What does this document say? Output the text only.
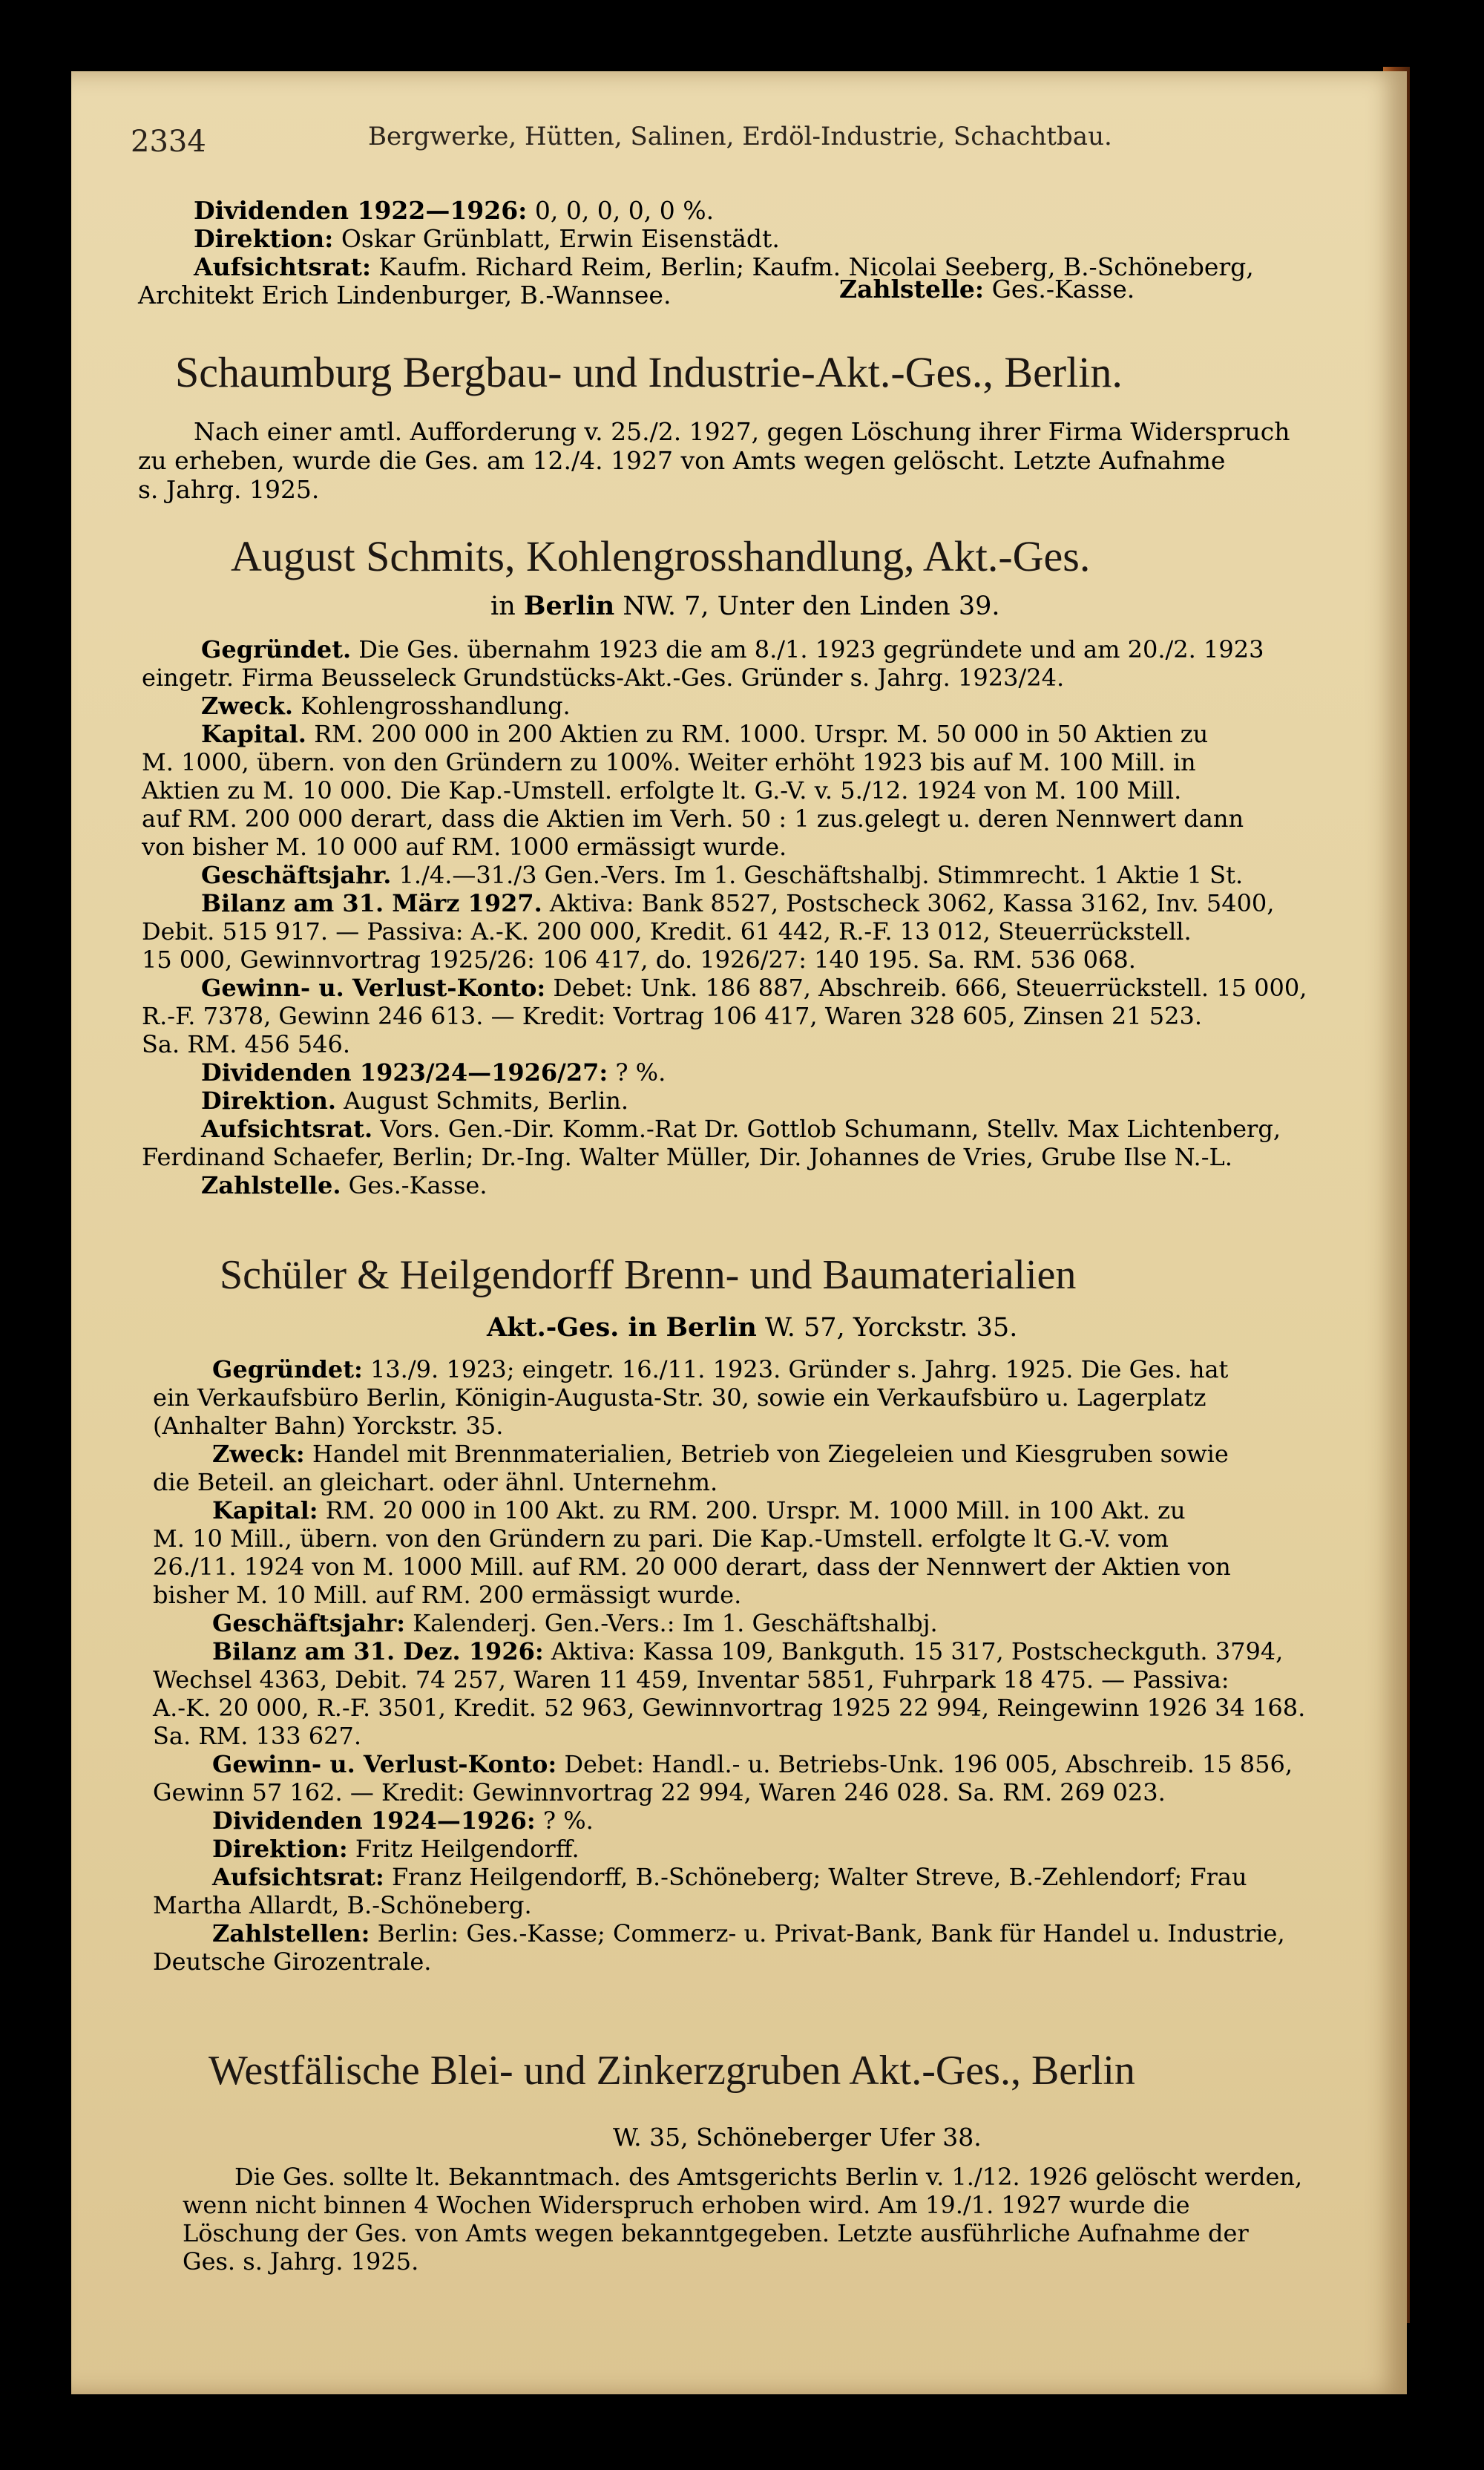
2334	Bergwerke, Hütten, Salinen, Erdöl-Industrie, Schachtbau.
Dividenden 1922—1926: 0, 0, 0, 0, 0 %.
Direktion: Oskar Grünblatt, Erwin Eisenstädt.
Aufsichtsrat: Kaufm. Richard Reim, Berlin; Kaufm. Nicolai Seeberg, B.-Schöneberg,
Architekt Erich Lindenburger, B.-Wannsee.	Zahlstelle: Ges.-Kasse.
Schaumburg Bergbau- und Industrie-Akt.-Ges., Berlin.
Nach einer amtl. Aufforderung v. 25./2. 1927, gegen Löschung ihrer Firma Widerspruch
zu erheben, wurde die Ges. am 12./4. 1927 von Amts wegen gelöscht. Letzte Aufnahme
s. Jahrg. 1925.
August Schmits, Kohlengrosshandlung, Akt.-Ges.
in Berlin NW. 7, Unter den Linden 39.
Gegründet. Die Ges. übernahm 1923 die am 8./1. 1923 gegründete und am 20./2. 1923
eingetr. Firma Beusseleck Grundstücks-Akt.-Ges. Gründer s. Jahrg. 1923/24.
Zweck. Kohlengrosshandlung.
Kapital. RM. 200 000 in 200 Aktien zu RM. 1000. Urspr. M. 50 000 in 50 Aktien zu
M. 1000, übern. von den Gründern zu 100%. Weiter erhöht 1923 bis auf M. 100 Mill. in
Aktien zu M. 10 000. Die Kap.-Umstell. erfolgte lt. G.-V. v. 5./12. 1924 von M. 100 Mill.
auf RM. 200 000 derart, dass die Aktien im Verh. 50 : 1 zus.gelegt u. deren Nennwert dann
von bisher M. 10 000 auf RM. 1000 ermässigt wurde.
Geschäftsjahr. 1./4.—31./3 Gen.-Vers. Im 1. Geschäftshalbj. Stimmrecht. 1 Aktie 1 St.
Bilanz am 31. März 1927. Aktiva: Bank 8527, Postscheck 3062, Kassa 3162, Inv. 5400,
Debit. 515 917. — Passiva: A.-K. 200 000, Kredit. 61 442, R.-F. 13 012, Steuerrückstell.
15 000, Gewinnvortrag 1925/26: 106 417, do. 1926/27: 140 195. Sa. RM. 536 068.
Gewinn- u. Verlust-Konto: Debet: Unk. 186 887, Abschreib. 666, Steuerrückstell. 15 000,
R.-F. 7378, Gewinn 246 613. — Kredit: Vortrag 106 417, Waren 328 605, Zinsen 21 523.
Sa. RM. 456 546.
Dividenden 1923/24—1926/27: ? %.
Direktion. August Schmits, Berlin.
Aufsichtsrat. Vors. Gen.-Dir. Komm.-Rat Dr. Gottlob Schumann, Stellv. Max Lichtenberg,
Ferdinand Schaefer, Berlin; Dr.-Ing. Walter Müller, Dir. Johannes de Vries, Grube Ilse N.-L.
Zahlstelle. Ges.-Kasse.
Schüler & Heilgendorff Brenn- und Baumaterialien
Akt.-Ges. in Berlin W. 57, Yorckstr. 35.
Gegründet: 13./9. 1923; eingetr. 16./11. 1923. Gründer s. Jahrg. 1925. Die Ges. hat
ein Verkaufsbüro Berlin, Königin-Augusta-Str. 30, sowie ein Verkaufsbüro u. Lagerplatz
(Anhalter Bahn) Yorckstr. 35.
Zweck: Handel mit Brennmaterialien, Betrieb von Ziegeleien und Kiesgruben sowie
die Beteil. an gleichart. oder ähnl. Unternehm.
Kapital: RM. 20 000 in 100 Akt. zu RM. 200. Urspr. M. 1000 Mill. in 100 Akt. zu
M. 10 Mill., übern. von den Gründern zu pari. Die Kap.-Umstell. erfolgte lt G.-V. vom
26./11. 1924 von M. 1000 Mill. auf RM. 20 000 derart, dass der Nennwert der Aktien von
bisher M. 10 Mill. auf RM. 200 ermässigt wurde.
Geschäftsjahr: Kalenderj. Gen.-Vers.: Im 1. Geschäftshalbj.
Bilanz am 31. Dez. 1926: Aktiva: Kassa 109, Bankguth. 15 317, Postscheckguth. 3794,
Wechsel 4363, Debit. 74 257, Waren 11 459, Inventar 5851, Fuhrpark 18 475. — Passiva:
A.-K. 20 000, R.-F. 3501, Kredit. 52 963, Gewinnvortrag 1925 22 994, Reingewinn 1926 34 168.
Sa. RM. 133 627.
Gewinn- u. Verlust-Konto: Debet: Handl.- u. Betriebs-Unk. 196 005, Abschreib. 15 856,
Gewinn 57 162. — Kredit: Gewinnvortrag 22 994, Waren 246 028. Sa. RM. 269 023.
Dividenden 1924—1926: ? %.
Direktion: Fritz Heilgendorff.
Aufsichtsrat: Franz Heilgendorff, B.-Schöneberg; Walter Streve, B.-Zehlendorf; Frau
Martha Allardt, B.-Schöneberg.
Zahlstellen: Berlin: Ges.-Kasse; Commerz- u. Privat-Bank, Bank für Handel u. Industrie,
Deutsche Girozentrale.
Westfälische Blei- und Zinkerzgruben Akt.-Ges., Berlin
W. 35, Schöneberger Ufer 38.
Die Ges. sollte lt. Bekanntmach. des Amtsgerichts Berlin v. 1./12. 1926 gelöscht werden,
wenn nicht binnen 4 Wochen Widerspruch erhoben wird. Am 19./1. 1927 wurde die
Löschung der Ges. von Amts wegen bekanntgegeben. Letzte ausführliche Aufnahme der
Ges. s. Jahrg. 1925.
